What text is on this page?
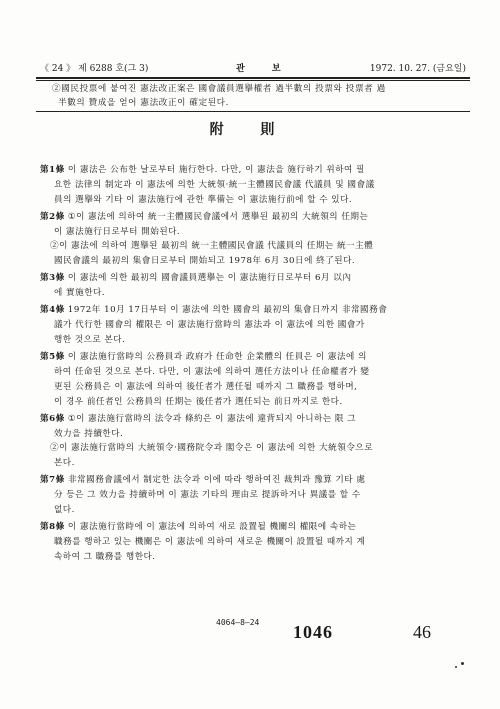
《 24 》 제 6288 호(그 3)	관 보	1972. 10. 27. (금요일)

②國民投票에 붙여진 憲法改正案은 國會議員選擧權者 過半數의 投票와 投票者 過

半數의 贊成을 얻어 憲法改正이 確定된다.

附 則
第1條 이 憲法은 公布한 날로부터 施行한다. 다만, 이 憲法을 施行하기 위하여 필
요한 法律의 制定과 이 憲法에 의한 大統領·統一主體國民會議 代議員 및 國會議
員의 選擧와 기타 이 憲法施行에 관한 準備는 이 憲法施行前에 할 수 있다.
第2條 ①이 憲法에 의하여 統一主體國民會議에서 選擧된 最初의 大統領의 任期는
이 憲法施行日로부터 開始된다.
②이 憲法에 의하여 選擧된 最初의 統一主體國民會議 代議員의 任期는 統一主體
國民會議의 最初의 集會日로부터 開始되고 1978年 6月 30日에 終了된다.
第3條 이 憲法에 의한 最初의 國會議員選擧는 이 憲法施行日로부터 6月 以內
에 實施한다.
第4條 1972年 10月 17日부터 이 憲法에 의한 國會의 最初의 集會日까지 非常國務會
議가 代行한 國會의 權限은 이 憲法施行當時의 憲法과 이 憲法에 의한 國會가
행한 것으로 본다.
第5條 이 憲法施行當時의 公務員과 政府가 任命한 企業體의 任員은 이 憲法에 의
하여 任命된 것으로 본다. 다만, 이 憲法에 의하여 選任方法이나 任命權者가 變
更된 公務員은 이 憲法에 의하여 後任者가 選任될 때까지 그 職務를 행하며,
이 경우 前任者인 公務員의 任期는 後任者가 選任되는 前日까지로 한다.
第6條 ①이 憲法施行當時의 法令과 條約은 이 憲法에 違背되지 아니하는 限 그
效力을 持續한다.
②이 憲法施行當時의 大統領令·國務院令과 閣令은 이 憲法에 의한 大統領令으로
본다.
第7條 非常國務會議에서 制定한 法令과 이에 따라 행하여진 裁判과 豫算 기타 處
分 등은 그 效力을 持續하며 이 憲法 기타의 理由로 提訴하거나 異議를 할 수
없다.
第8條 이 憲法施行當時에 이 憲法에 의하여 새로 設置될 機關의 權限에 속하는
職務를 행하고 있는 機關은 이 憲法에 의하여 새로운 機關이 設置될 때까지 계
속하여 그 職務를 행한다.
4064—8—24 1046	46
